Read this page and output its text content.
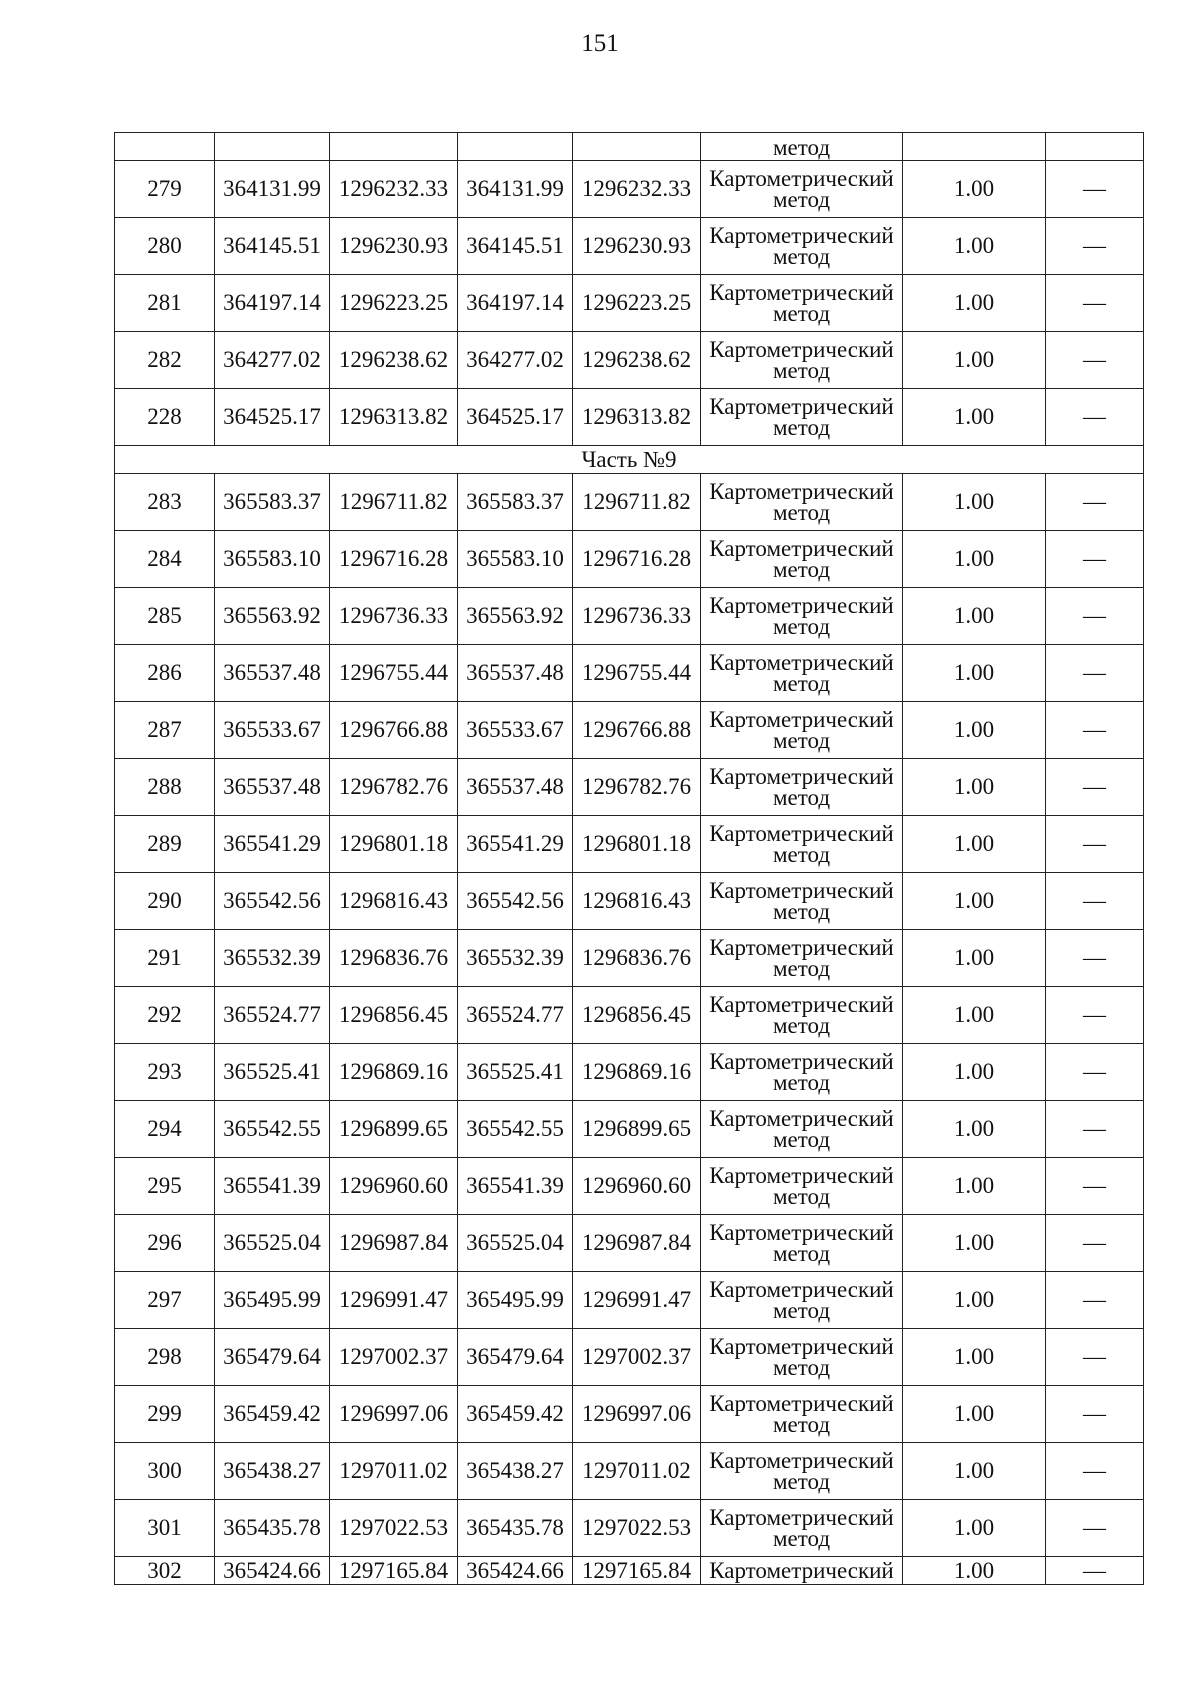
151

					метод		

279	364131.99	1296232.33	364131.99	1296232.33	Картометрический
метод	1.00	—
280	364145.51	1296230.93	364145.51	1296230.93	Картометрический
метод	1.00	—
281	364197.14	1296223.25	364197.14	1296223.25	Картометрический
метод	1.00	—
282	364277.02	1296238.62	364277.02	1296238.62	Картометрический
метод	1.00	—
228	364525.17	1296313.82	364525.17	1296313.82	Картометрический
метод	1.00	—
Часть №9							
283	365583.37	1296711.82	365583.37	1296711.82	Картометрический
метод	1.00	—
284	365583.10	1296716.28	365583.10	1296716.28	Картометрический
метод	1.00	—
285	365563.92	1296736.33	365563.92	1296736.33	Картометрический
метод	1.00	—
286	365537.48	1296755.44	365537.48	1296755.44	Картометрический
метод	1.00	—
287	365533.67	1296766.88	365533.67	1296766.88	Картометрический
метод	1.00	—
288	365537.48	1296782.76	365537.48	1296782.76	Картометрический
метод	1.00	—
289	365541.29	1296801.18	365541.29	1296801.18	Картометрический
метод	1.00	—
290	365542.56	1296816.43	365542.56	1296816.43	Картометрический
метод	1.00	—
291	365532.39	1296836.76	365532.39	1296836.76	Картометрический
метод	1.00	—
292	365524.77	1296856.45	365524.77	1296856.45	Картометрический
метод	1.00	—
293	365525.41	1296869.16	365525.41	1296869.16	Картометрический
метод	1.00	—
294	365542.55	1296899.65	365542.55	1296899.65	Картометрический
метод	1.00	—
295	365541.39	1296960.60	365541.39	1296960.60	Картометрический
метод	1.00	—
296	365525.04	1296987.84	365525.04	1296987.84	Картометрический
метод	1.00	—
297	365495.99	1296991.47	365495.99	1296991.47	Картометрический
метод	1.00	—
298	365479.64	1297002.37	365479.64	1297002.37	Картометрический
метод	1.00	—
299	365459.42	1296997.06	365459.42	1296997.06	Картометрический
метод	1.00	—
300	365438.27	1297011.02	365438.27	1297011.02	Картометрический
метод	1.00	—
301	365435.78	1297022.53	365435.78	1297022.53	Картометрический
метод	1.00	—
302	365424.66	1297165.84	365424.66	1297165.84	Картометрический	1.00	—
